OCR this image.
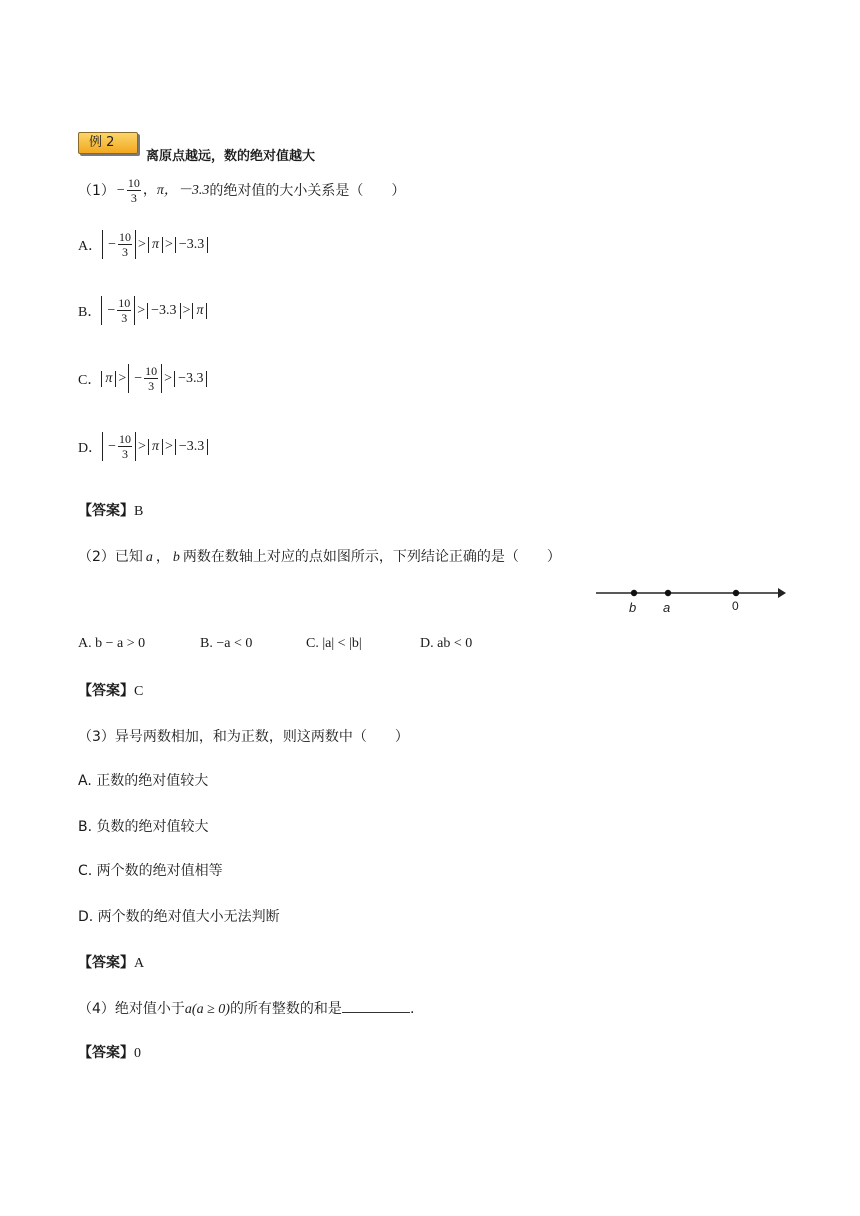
例 2
离原点越远，数的绝对值越大
$(1) - \frac{10}{3}$ ， π，－3.3 的绝对值的大小关系是（　　）
A． − $\frac{10}{3} > \pi > -3.3$
B． − $\frac{10}{3} > -3.3 > \pi$
C． π > − $\frac{10}{3} > -3.3$
D． − $\frac{10}{3} > \pi > -3.3$
【答案】B
（2）已知 a ， b 两数在数轴上对应的点如图所示，下列结论正确的是（　　）
b a	0
A. b − a > 0	B. −a < 0	C. |a| < |b|	D. ab < 0
【答案】C
（3）异号两数相加，和为正数，则这两数中（　　）
A. 正数的绝对值较大
B. 负数的绝对值较大
C. 两个数的绝对值相等
D. 两个数的绝对值大小无法判断
【答案】A
（4）绝对值小于a(a ≥ 0)的所有整数的和是	.
【答案】0
